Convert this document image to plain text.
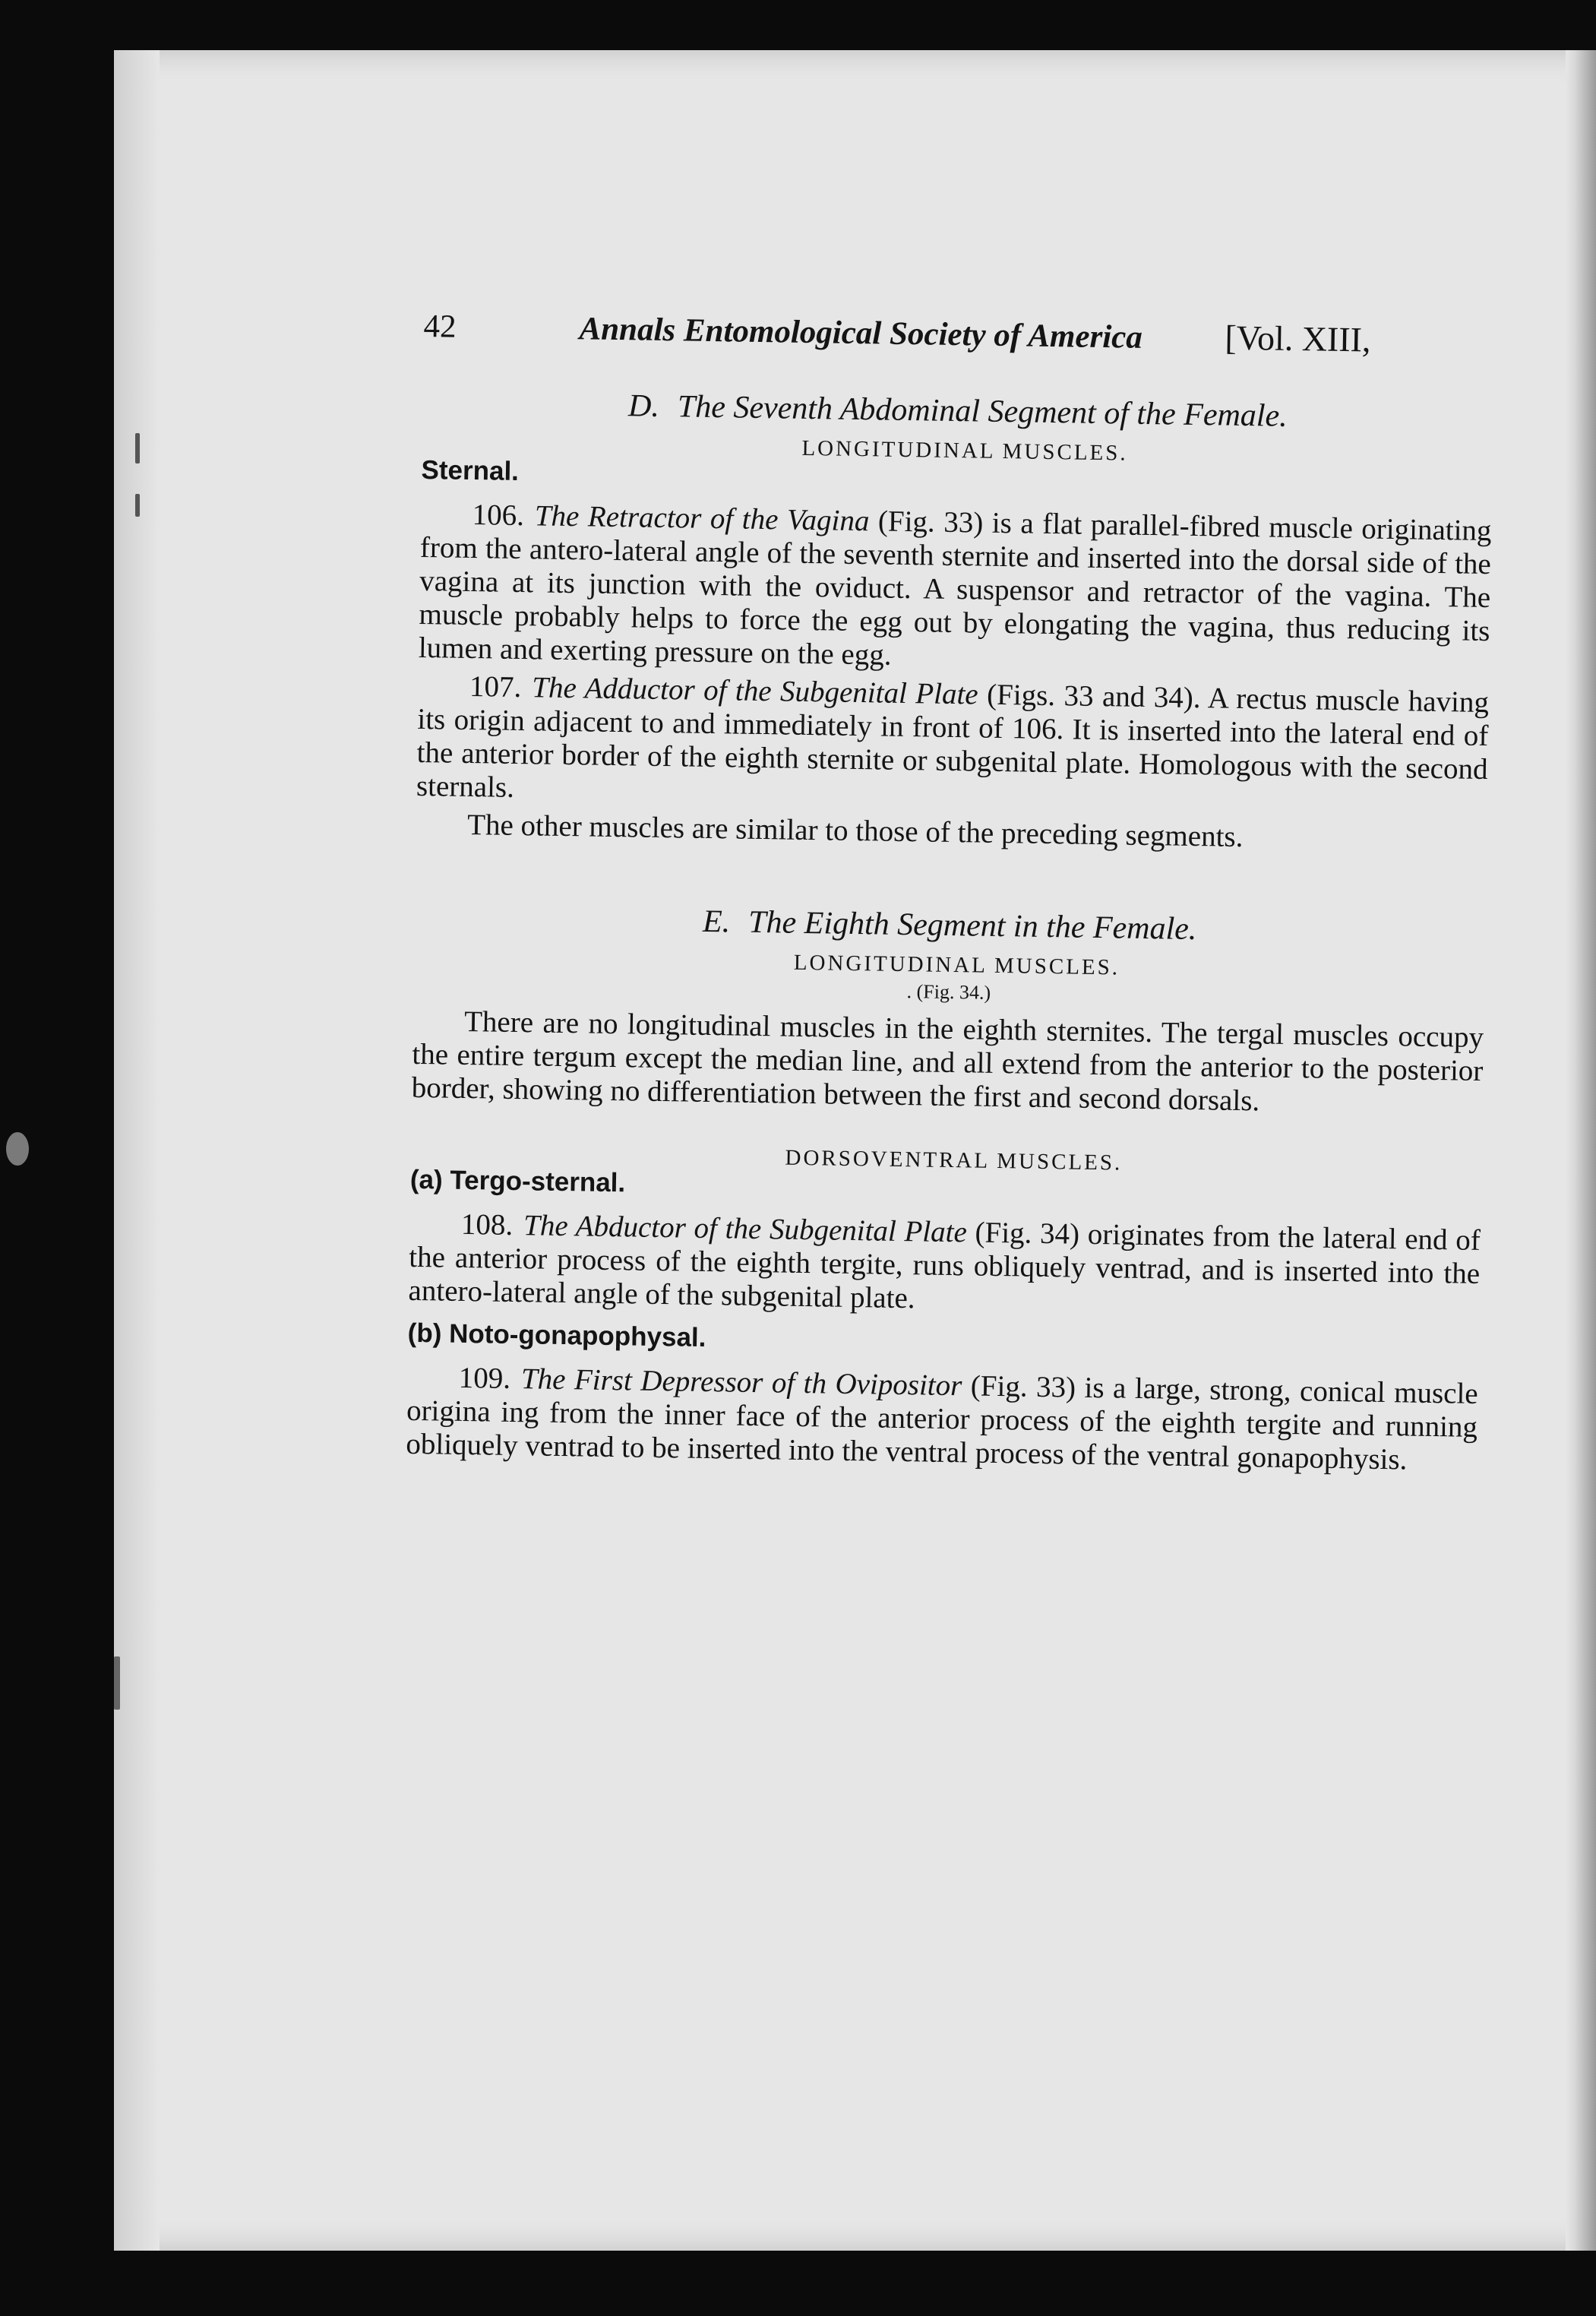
42	Annals Entomological Society of America	[Vol. XIII,
D. The Seventh Abdominal Segment of the Female.
LONGITUDINAL MUSCLES.
Sternal.

106. The Retractor of the Vagina (Fig. 33) is a flat parallel-fibred muscle originating from the antero-lateral angle of the seventh sternite and inserted into the dorsal side of the vagina at its junction with the oviduct. A suspensor and retractor of the vagina. The muscle probably helps to force the egg out by elongating the vagina, thus reducing its lumen and exerting pressure on the egg.

107. The Adductor of the Subgenital Plate (Figs. 33 and 34). A rectus muscle having its origin adjacent to and immediately in front of 106. It is inserted into the lateral end of the anterior border of the eighth sternite or subgenital plate. Homologous with the second sternals.

The other muscles are similar to those of the preceding segments.

E. The Eighth Segment in the Female.
LONGITUDINAL MUSCLES.
. (Fig. 34.)

There are no longitudinal muscles in the eighth sternites. The tergal muscles occupy the entire tergum except the median line, and all extend from the anterior to the posterior border, showing no differentiation between the first and second dorsals.

DORSOVENTRAL MUSCLES.
(a) Tergo-sternal.

108. The Abductor of the Subgenital Plate (Fig. 34) originates from the lateral end of the anterior process of the eighth tergite, runs obliquely ventrad, and is inserted into the antero-lateral angle of the subgenital plate.

(b) Noto-gonapophysal.

109. The First Depressor of th Ovipositor (Fig. 33) is a large, strong, conical muscle origina ing from the inner face of the anterior process of the eighth tergite and running obliquely ventrad to be inserted into the ventral process of the ventral gonapophysis.
